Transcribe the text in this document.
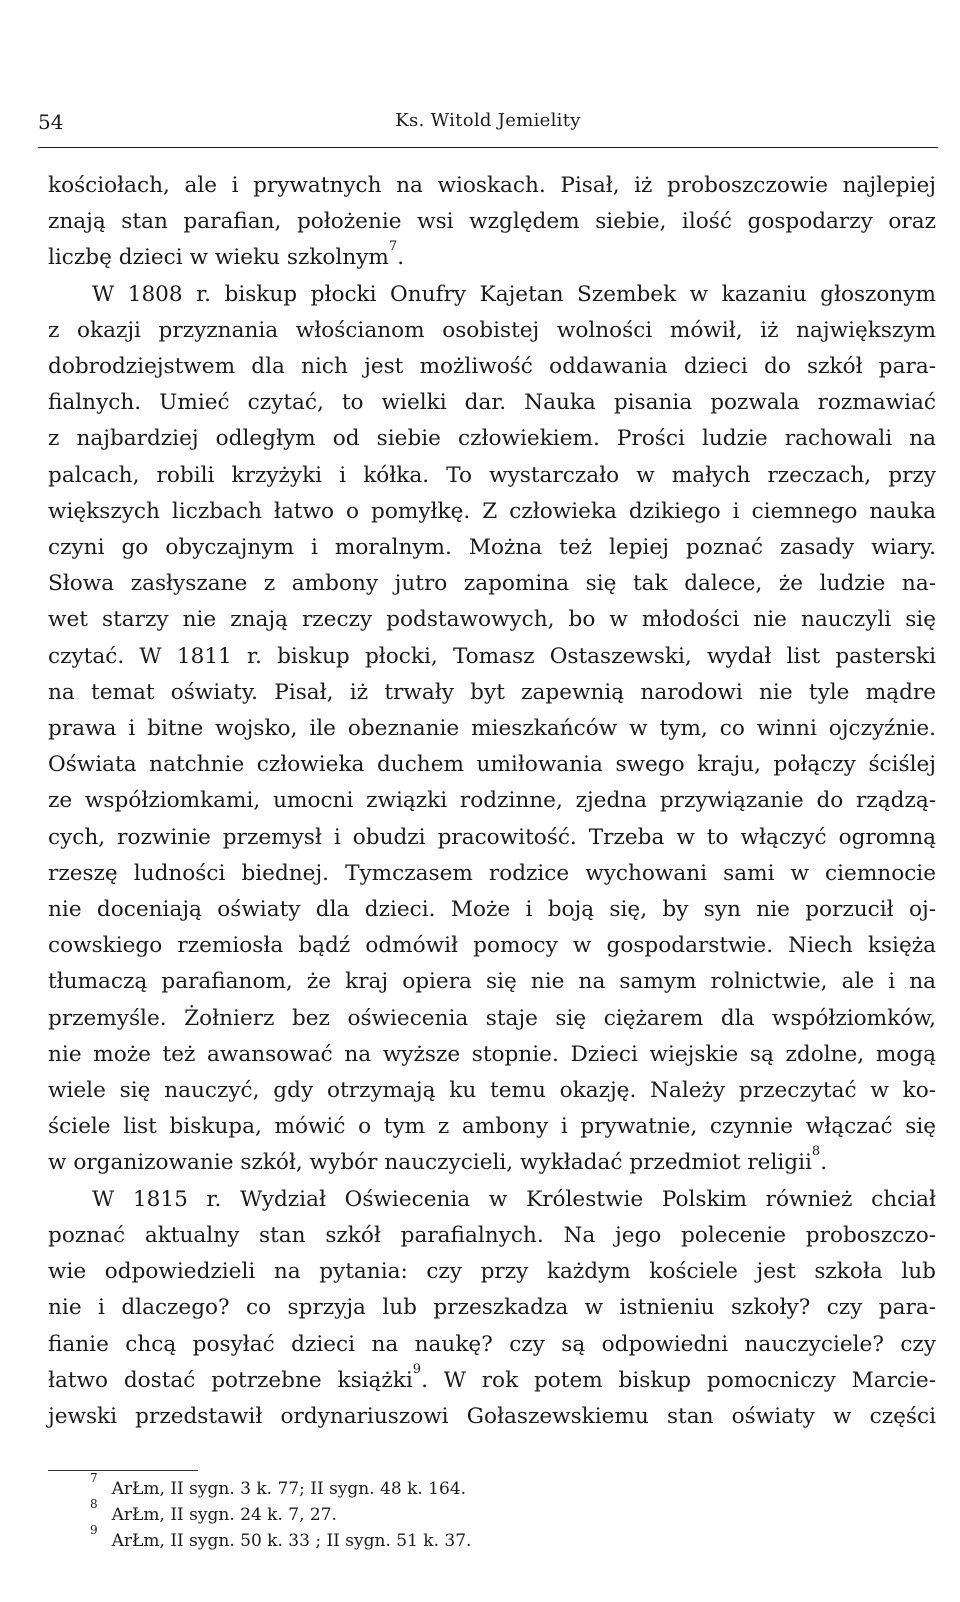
54	Ks. Witold Jemielity
kościołach, ale i prywatnych na wioskach. Pisał, iż proboszczowie najlepiej
znają stan parafian, położenie wsi względem siebie, ilość gospodarzy oraz
liczbę dzieci w wieku szkolnym$^7$.
W 1808 r. biskup płocki Onufry Kajetan Szembek w kazaniu głoszonym
z okazji przyznania włościanom osobistej wolności mówił, iż największym
dobrodziejstwem dla nich jest możliwość oddawania dzieci do szkół para-
fialnych. Umieć czytać, to wielki dar. Nauka pisania pozwala rozmawiać
z najbardziej odległym od siebie człowiekiem. Prości ludzie rachowali na
palcach, robili krzyżyki i kółka. To wystarczało w małych rzeczach, przy
większych liczbach łatwo o pomyłkę. Z człowieka dzikiego i ciemnego nauka
czyni go obyczajnym i moralnym. Można też lepiej poznać zasady wiary.
Słowa zasłyszane z ambony jutro zapomina się tak dalece, że ludzie na-
wet starzy nie znają rzeczy podstawowych, bo w młodości nie nauczyli się
czytać. W 1811 r. biskup płocki, Tomasz Ostaszewski, wydał list pasterski
na temat oświaty. Pisał, iż trwały byt zapewnią narodowi nie tyle mądre
prawa i bitne wojsko, ile obeznanie mieszkańców w tym, co winni ojczyźnie.
Oświata natchnie człowieka duchem umiłowania swego kraju, połączy ściślej
ze współziomkami, umocni związki rodzinne, zjedna przywiązanie do rządzą-
cych, rozwinie przemysł i obudzi pracowitość. Trzeba w to włączyć ogromną
rzeszę ludności biednej. Tymczasem rodzice wychowani sami w ciemnocie
nie doceniają oświaty dla dzieci. Może i boją się, by syn nie porzucił oj-
cowskiego rzemiosła bądź odmówił pomocy w gospodarstwie. Niech księża
tłumaczą parafianom, że kraj opiera się nie na samym rolnictwie, ale i na
przemyśle. Żołnierz bez oświecenia staje się ciężarem dla współziomków,
nie może też awansować na wyższe stopnie. Dzieci wiejskie są zdolne, mogą
wiele się nauczyć, gdy otrzymają ku temu okazję. Należy przeczytać w ko-
ściele list biskupa, mówić o tym z ambony i prywatnie, czynnie włączać się
w organizowanie szkół, wybór nauczycieli, wykładać przedmiot religii$^8$.
W 1815 r. Wydział Oświecenia w Królestwie Polskim również chciał
poznać aktualny stan szkół parafialnych. Na jego polecenie proboszczo-
wie odpowiedzieli na pytania: czy przy każdym kościele jest szkoła lub
nie i dlaczego? co sprzyja lub przeszkadza w istnieniu szkoły? czy para-
fianie chcą posyłać dzieci na naukę? czy są odpowiedni nauczyciele? czy
łatwo dostać potrzebne książki$^9$. W rok potem biskup pomocniczy Marcie-
jewski przedstawił ordynariuszowi Gołaszewskiemu stan oświaty w części
$^7$ArŁm, II sygn. 3 k. 77; II sygn. 48 k. 164.
$^8$ArŁm, II sygn. 24 k. 7, 27.
$^9$ArŁm, II sygn. 50 k. 33 ; II sygn. 51 k. 37.
